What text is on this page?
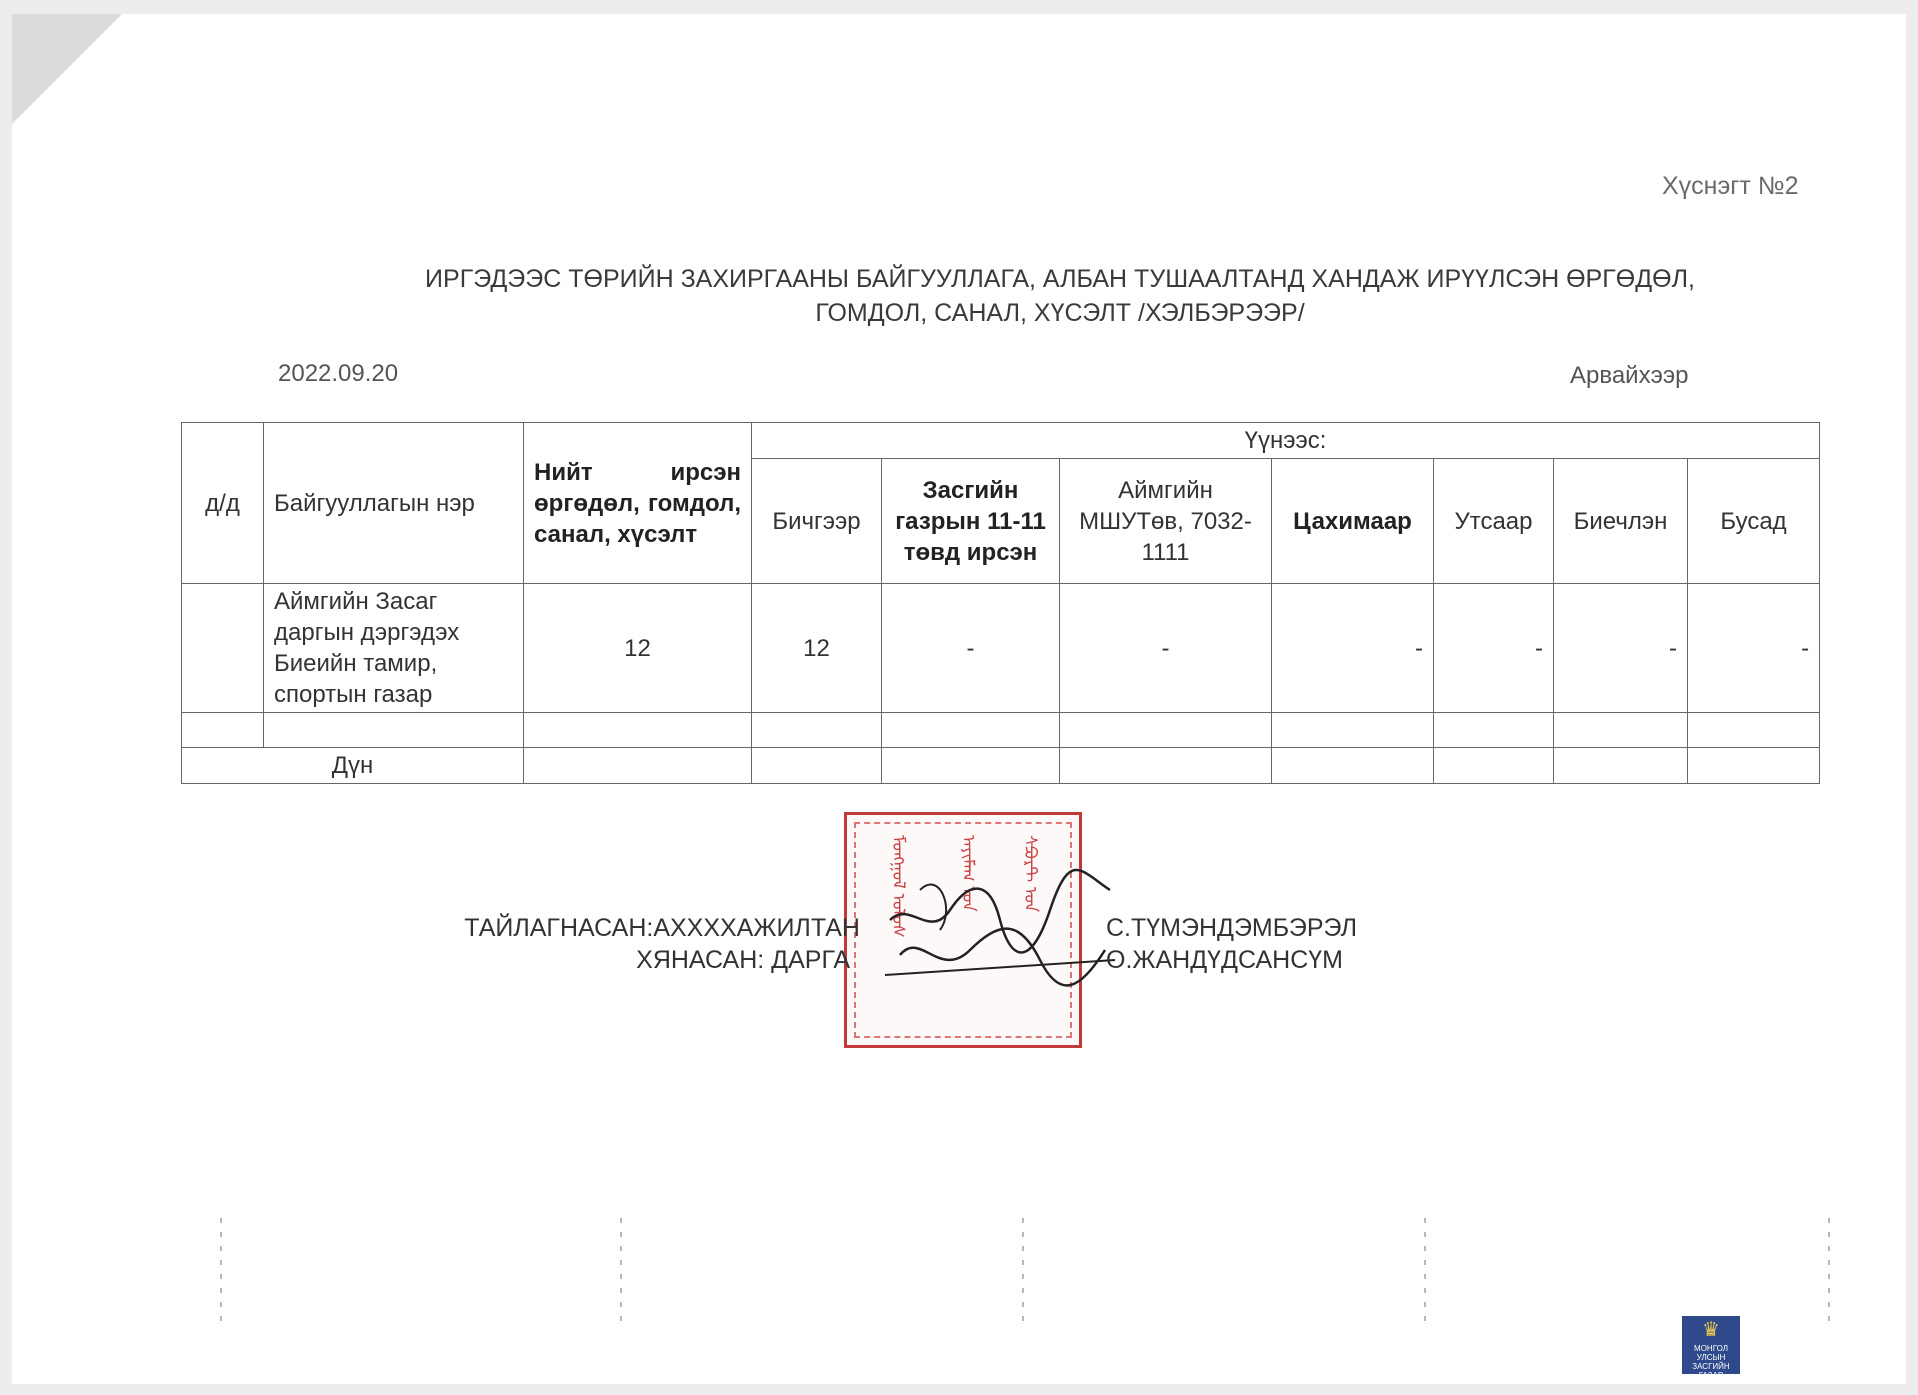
Хүснэгт №2
ИРГЭДЭЭС ТӨРИЙН ЗАХИРГААНЫ БАЙГУУЛЛАГА, АЛБАН ТУШААЛТАНД ХАНДАЖ ИРҮҮЛСЭН ӨРГӨДӨЛ,
ГОМДОЛ, САНАЛ, ХҮСЭЛТ /ХЭЛБЭРЭЭР/
2022.09.20	Арвайхээр
д/д	Байгууллагын нэр	Нийт ирсэн өргөдөл, гомдол, санал, хүсэлт	Үүнээс:						
			Бичгээр	Засгийн газрын 11-11 төвд ирсэн	Аймгийн МШУТөв, 7032-1111	Цахимаар	Утсаар	Биечлэн	Бусад
	Аймгийн Засаг даргын дэргэдэх Биеийн тамир, спортын газар	12	12	-	-	-	-	-	-

Дүн									
ᠮᠣᠩᠭᠣᠯ ᠤᠯᠤᠰ	ᠠᠶᠢᠮᠠᠭ ᠤᠨ	ᠰᠫᠣᠷᠲ ᠤᠨ
ТАЙЛАГНАСАН:АХХХХАЖИЛТАН
ХЯНАСАН: ДАРГА
С.ТҮМЭНДЭМБЭРЭЛ
О.ЖАНДҮДСАНСҮМ
♛
МОНГОЛ УЛСЫН
ЗАСГИЙН ГАЗАР
